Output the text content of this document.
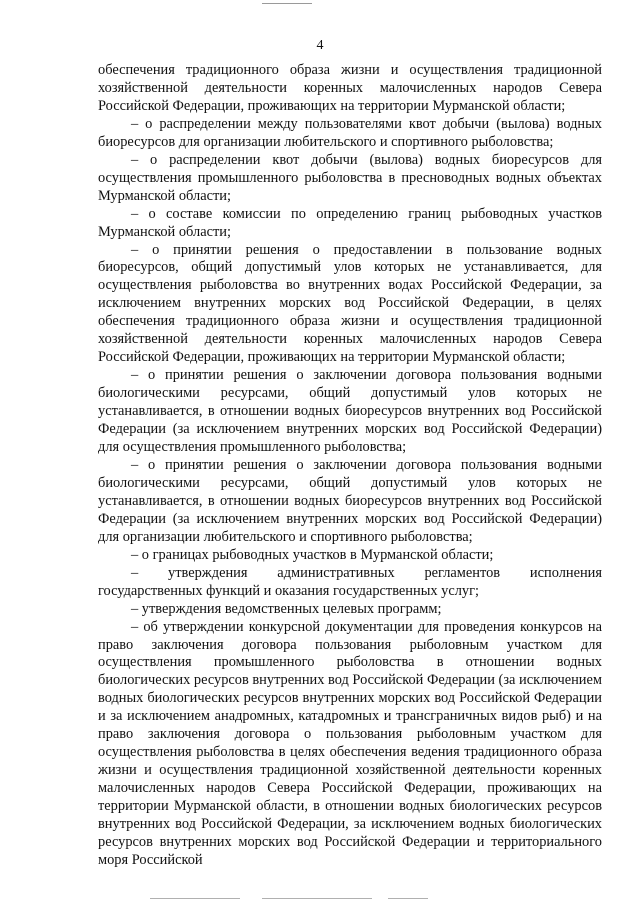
4

обеспечения традиционного образа жизни и осуществления традиционной хозяйственной деятельности коренных малочисленных народов Севера Российской Федерации, проживающих на территории Мурманской области;

– о распределении между пользователями квот добычи (вылова) водных биоресурсов для организации любительского и спортивного рыболовства;

– о распределении квот добычи (вылова) водных биоресурсов для осуществления промышленного рыболовства в пресноводных водных объектах Мурманской области;

– о составе комиссии по определению границ рыбоводных участков Мурманской области;

– о принятии решения о предоставлении в пользование водных биоресурсов, общий допустимый улов которых не устанавливается, для осуществления рыболовства во внутренних водах Российской Федерации, за исключением внутренних морских вод Российской Федерации, в целях обеспечения традиционного образа жизни и осуществления традиционной хозяйственной деятельности коренных малочисленных народов Севера Российской Федерации, проживающих на территории Мурманской области;

– о принятии решения о заключении договора пользования водными биологическими ресурсами, общий допустимый улов которых не устанавливается, в отношении водных биоресурсов внутренних вод Российской Федерации (за исключением внутренних морских вод Российской Федерации) для осуществления промышленного рыболовства;

– о принятии решения о заключении договора пользования водными биологическими ресурсами, общий допустимый улов которых не устанавливается, в отношении водных биоресурсов внутренних вод Российской Федерации (за исключением внутренних морских вод Российской Федерации) для организации любительского и спортивного рыболовства;

– о границах рыбоводных участков в Мурманской области;

– утверждения административных регламентов исполнения государственных функций и оказания государственных услуг;

– утверждения ведомственных целевых программ;

– об утверждении конкурсной документации для проведения конкурсов на право заключения договора пользования рыболовным участком для осуществления промышленного рыболовства в отношении водных биологических ресурсов внутренних вод Российской Федерации (за исключением водных биологических ресурсов внутренних морских вод Российской Федерации и за исключением анадромных, катадромных и трансграничных видов рыб) и на право заключения договора о пользования рыболовным участком для осуществления рыболовства в целях обеспечения ведения традиционного образа жизни и осуществления традиционной хозяйственной деятельности коренных малочисленных народов Севера Российской Федерации, проживающих на территории Мурманской области, в отношении водных биологических ресурсов внутренних вод Российской Федерации, за исключением водных биологических ресурсов внутренних морских вод Российской Федерации и территориального моря Российской
